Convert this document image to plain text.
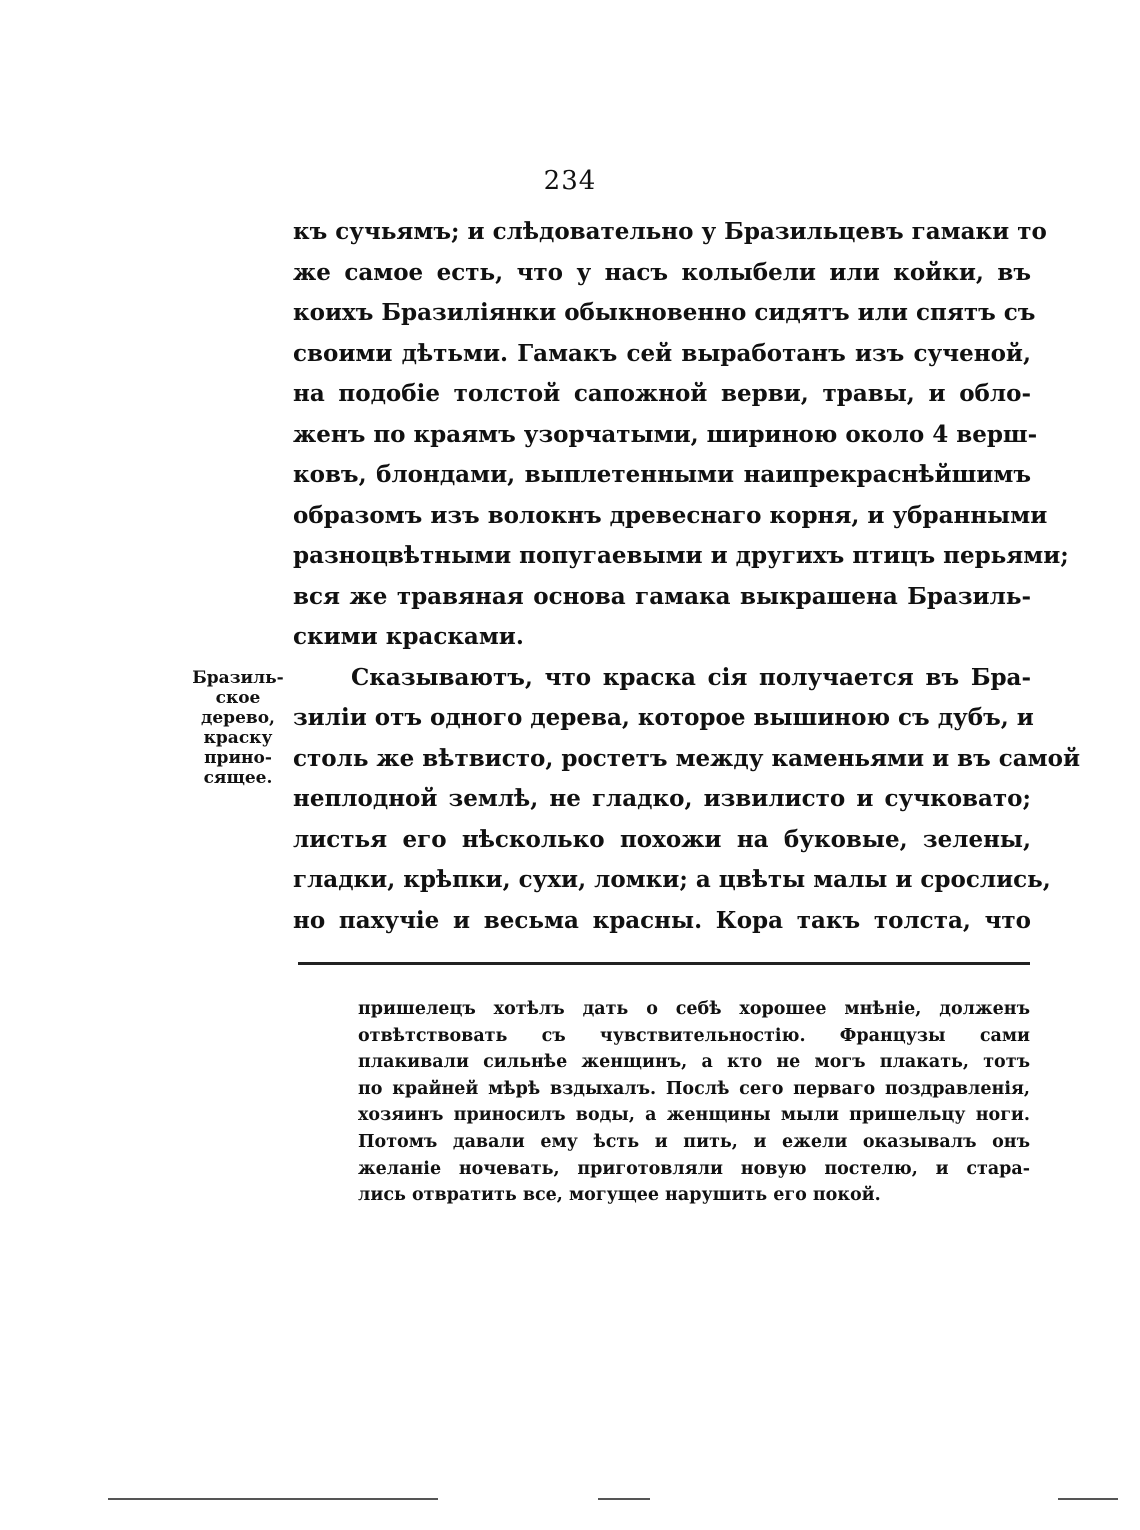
234
Бразиль-
ское
дерево,
краску
прино-
сящее.
къ сучьямъ; и слѣдовательно у Бразильцевъ гамаки то
же самое есть, что у насъ колыбели или койки, въ
коихъ Бразиліянки обыкновенно сидятъ или спятъ съ
своими дѣтьми. Гамакъ сей выработанъ изъ сученой,
на подобіе толстой сапожной верви, травы, и обло-
женъ по краямъ узорчатыми, шириною около 4 верш-
ковъ, блондами, выплетенными наипрекраснѣйшимъ
образомъ изъ волокнъ древеснаго корня, и убранными
разноцвѣтными попугаевыми и другихъ птицъ перьями;
вся же травяная основа гамака выкрашена Бразиль-
скими красками.
Сказываютъ, что краска сія получается въ Бра-
зиліи отъ одного дерева, которое вышиною съ дубъ, и
столь же вѣтвисто, ростетъ между каменьями и въ самой
неплодной землѣ, не гладко, извилисто и сучковато;
листья его нѣсколько похожи на буковые, зелены,
гладки, крѣпки, сухи, ломки; а цвѣты малы и срослись,
но пахучіе и весьма красны. Кора такъ толста, что
пришелецъ хотѣлъ дать о себѣ хорошее мнѣніе, долженъ
отвѣтствовать съ чувствительностію. Французы сами
плакивали сильнѣе женщинъ, а кто не могъ плакать, тотъ
по крайней мѣрѣ вздыхалъ. Послѣ сего перваго поздравленія,
хозяинъ приносилъ воды, а женщины мыли пришельцу ноги.
Потомъ давали ему ѣсть и пить, и ежели оказывалъ онъ
желаніе ночевать, приготовляли новую постелю, и стара-
лись отвратить все, могущее нарушить его покой.
